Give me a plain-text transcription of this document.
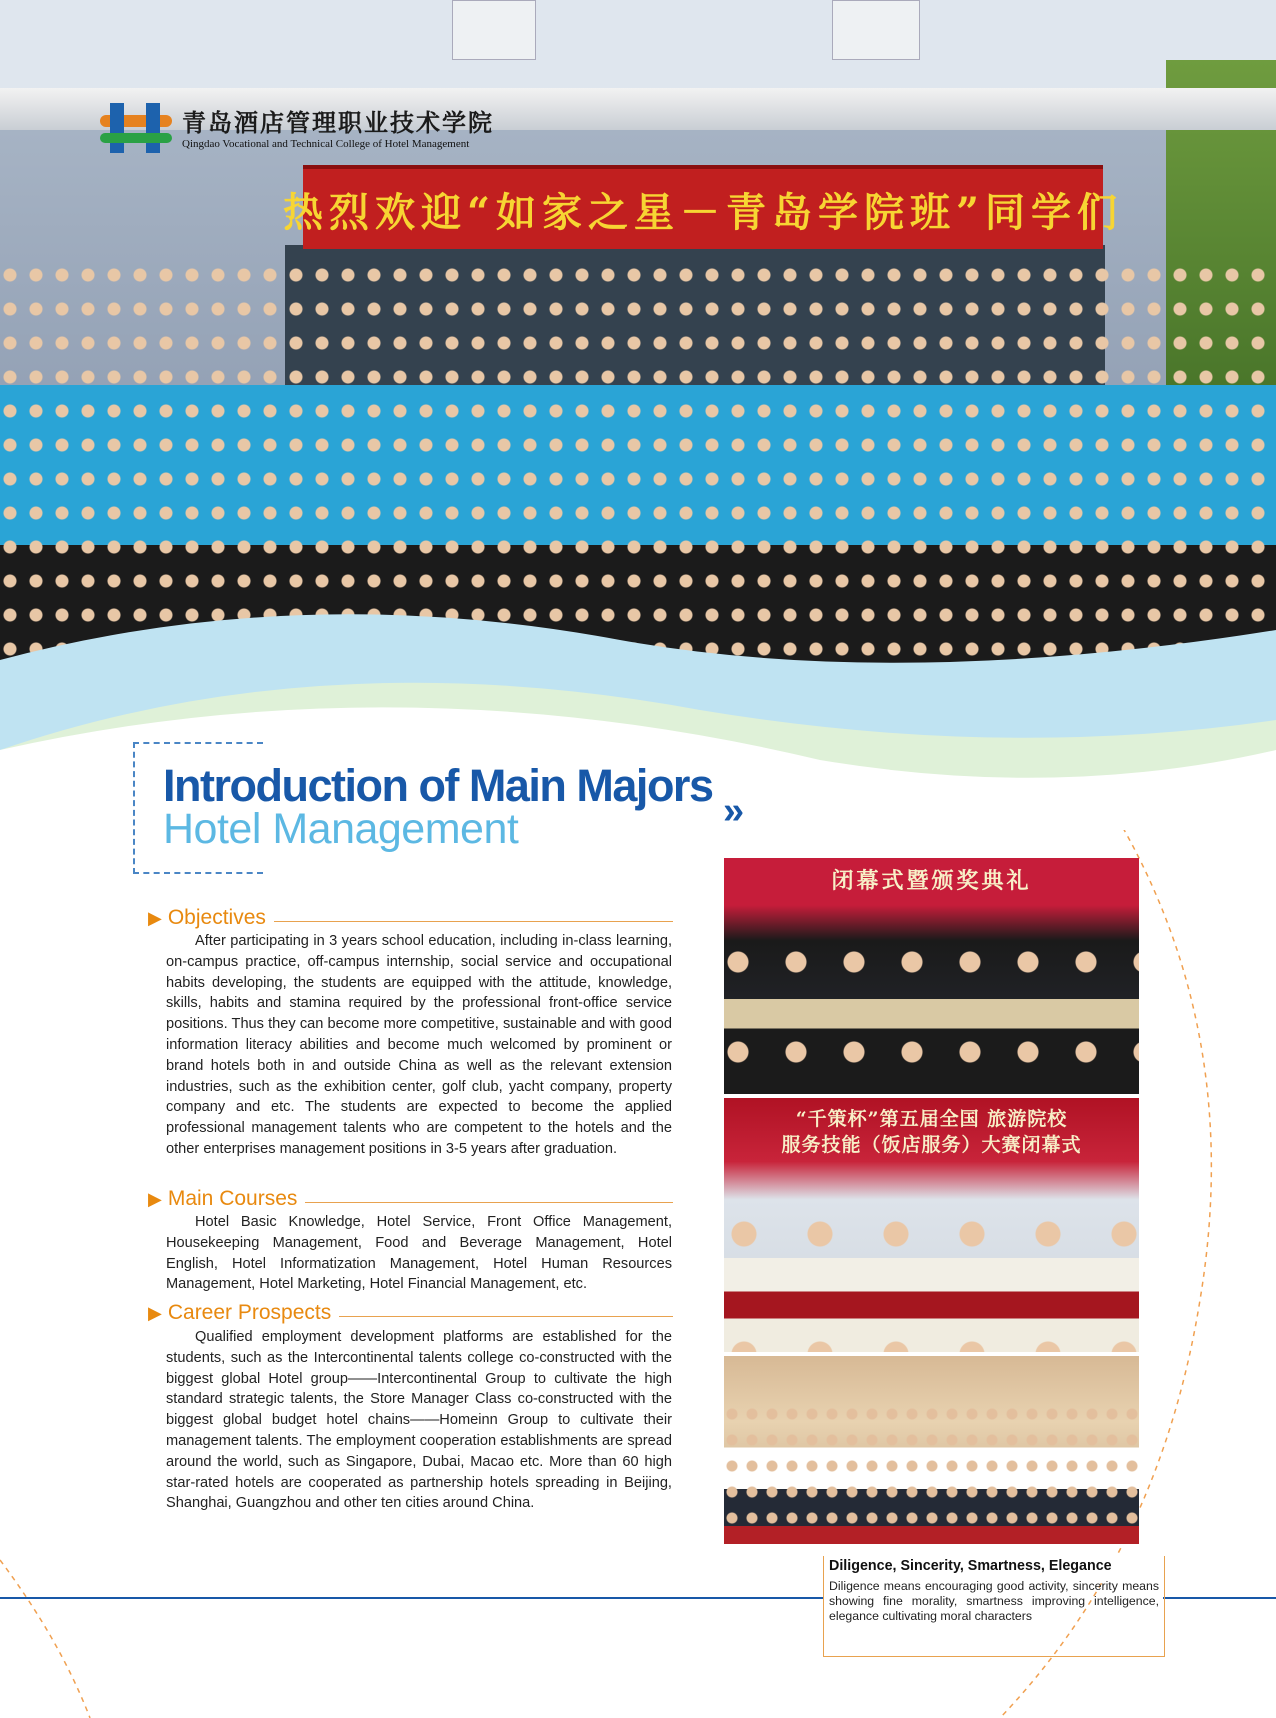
青岛酒店管理职业技术学院
Qingdao Vocational and Technical College of Hotel Management
热烈欢迎“如家之星－青岛学院班”同学们
Introduction of Main Majors
Hotel Management	»
▶ Objectives
After participating in 3 years school education, including in-class learning, on-campus practice, off-campus internship, social service and occupational habits developing, the students are equipped with the attitude, knowledge, skills, habits and stamina required by the professional front-office service positions. Thus they can become more competitive, sustainable and with good information literacy abilities and become much welcomed by prominent or brand hotels both in and outside China as well as the relevant extension industries, such as the exhibition center, golf club, yacht company, property company and etc. The students are expected to become the applied professional management talents who are competent to the hotels and the other enterprises management positions in 3-5 years after graduation.
▶ Main Courses
Hotel Basic Knowledge, Hotel Service, Front Office Management, Housekeeping Management, Food and Beverage Management, Hotel English, Hotel Informatization Management, Hotel Human Resources Management, Hotel Marketing, Hotel Financial Management, etc.
▶ Career Prospects
Qualified employment development platforms are established for the students, such as the Intercontinental talents college co-constructed with the biggest global Hotel group——Intercontinental Group to cultivate the high standard strategic talents, the Store Manager Class co-constructed with the biggest global budget hotel chains——Homeinn Group to cultivate their management talents. The employment cooperation establishments are spread around the world, such as Singapore, Dubai, Macao etc. More than 60 high star-rated hotels are cooperated as partnership hotels spreading in Beijing, Shanghai, Guangzhou and other ten cities around China.
闭幕式暨颁奖典礼
“千策杯”第五届全国 旅游院校
服务技能（饭店服务）大赛闭幕式
Diligence, Sincerity, Smartness, Elegance
Diligence means encouraging good activity, sincerity means showing fine morality, smartness improving intelligence, elegance cultivating moral characters
